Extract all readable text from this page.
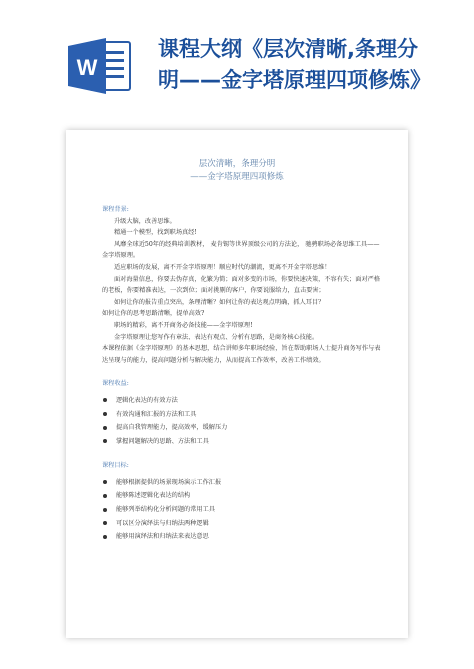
W
课程大纲《层次清晰,条理分
明——金字塔原理四项修炼》
层次清晰，条理分明
——金字塔原理四项修炼

课程背景:

升级大脑，改善思维。

精通一个模型，找到职场真经!

风靡全球近50年的经典培训教材， 麦肯锡等世界顶级公司的方法论， 驰骋职场必备思维工具——金字塔原理。

适应职场的发展，离不开金字塔原理！顺应时代的潮流，更离不开金字塔思维！

面对海量信息，你要去伪存真，化繁为简；面对多变的市场，你要快速决策，不容有失；面对严格的老板，你要精准表达，一次到位；面对挑剔的客户，你要说服给力，直击要害；

如何让你的报告重点突出，条理清晰？如何让你的表达观点明确，抓人耳目？

如何让你的思考思路清晰，提单高效?

职场的精彩，离不开商务必备技能——金字塔原理!

金字塔原理让您写作有章法、表达有观点、分析有思路，是商务核心技能。

本课程依据《金字塔原理》的基本思想，结合讲师多年职场经验，旨在帮助职场人士提升商务写作与表达呈现与的能力，提高问题分析与解决能力，从而提高工作效率，改善工作绩效。

课程收益:

逻辑化表达的有效方法
有效沟通和汇报的方法和工具
提高自我管理能力，提高效率，缓解压力
掌握问题解决的思路、方法和工具

课程目标:

能够根据提供的场景现场演示工作汇报
能够陈述逻辑化表达的结构
能够列举结构化分析问题的常用工具
可以区分演绎法与归纳法两种逻辑
能够用演绎法和归纳法来表达意思
